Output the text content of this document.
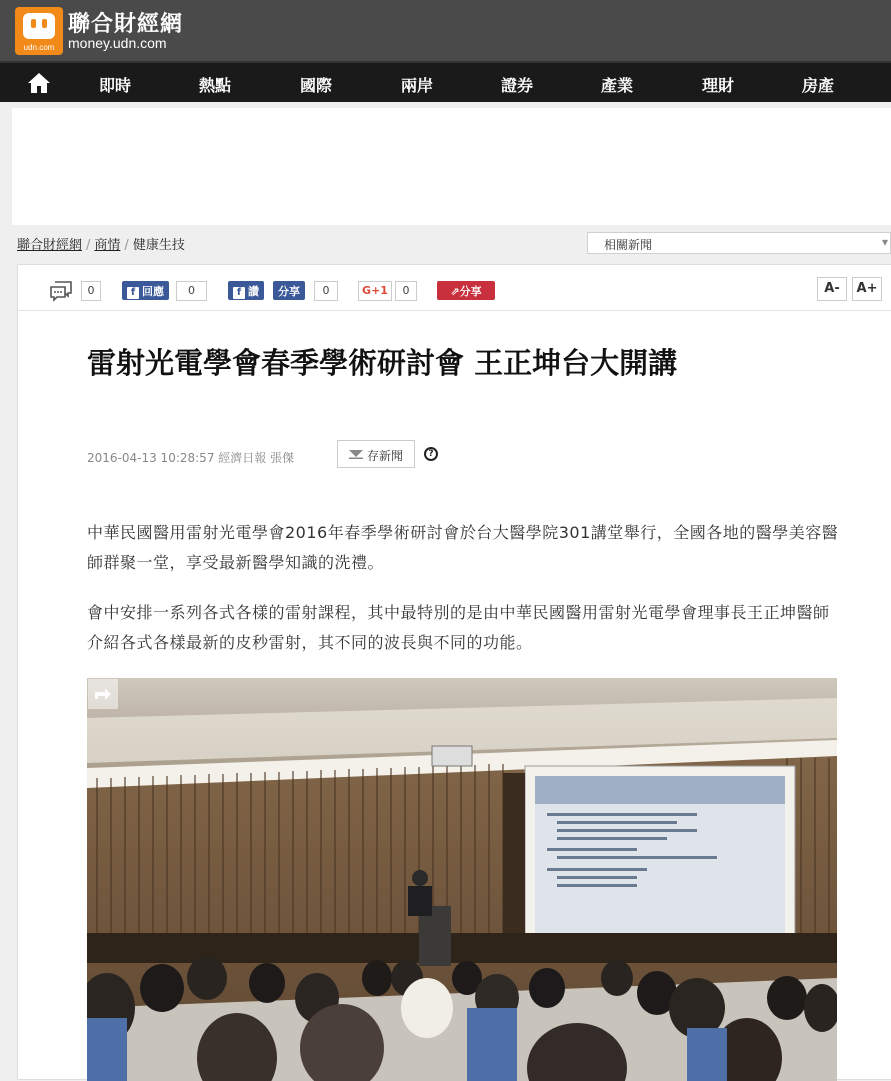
udn.com
聯合財經網
money.udn.com
即時	熱點	國際	兩岸	證券	產業	理財	房產
聯合財經網 / 商情 / 健康生技	相關新聞	▾
0	f 回應	0	f 讚	分享	0	G+1	0	⇗分享	A-	A+
雷射光電學會春季學術研討會 王正坤台大開講
2016-04-13 10:28:57 經濟日報 張傑	存新聞	?

中華民國醫用雷射光電學會2016年春季學術研討會於台大醫學院301講堂舉行，全國各地的醫學美容醫師群聚一堂，享受最新醫學知識的洗禮。

會中安排一系列各式各樣的雷射課程，其中最特別的是由中華民國醫用雷射光電學會理事長王正坤醫師介紹各式各樣最新的皮秒雷射，其不同的波長與不同的功能。
